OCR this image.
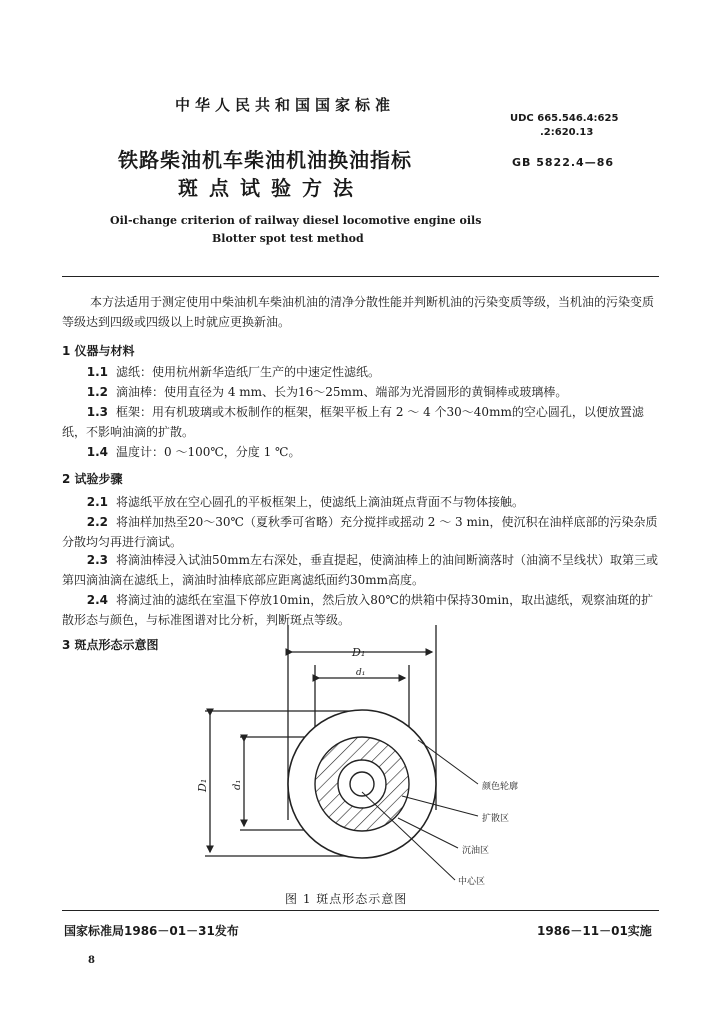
中华人民共和国国家标准
UDC 665.546.4:625
.2:620.13
GB 5822.4—86
铁路柴油机车柴油机油换油指标
斑点试验方法
Oil-change criterion of railway diesel locomotive engine oils
Blotter spot test method
本方法适用于测定使用中柴油机车柴油机油的清净分散性能并判断机油的污染变质等级，当机油的污染变质等级达到四级或四级以上时就应更换新油。
1 仪器与材料
1.1 滤纸：使用杭州新华造纸厂生产的中速定性滤纸。
1.2 滴油棒：使用直径为 4 mm、长为16～25mm、端部为光滑圆形的黄铜棒或玻璃棒。
1.3 框架：用有机玻璃或木板制作的框架，框架平板上有 2 ～ 4 个30～40mm的空心圆孔，以便放置滤纸，不影响油滴的扩散。
1.4 温度计：0 ～100℃，分度 1 ℃。
2 试验步骤
2.1 将滤纸平放在空心圆孔的平板框架上，使滤纸上滴油斑点背面不与物体接触。
2.2 将油样加热至20～30℃（夏秋季可省略）充分搅拌或摇动 2 ～ 3 min，使沉积在油样底部的污染杂质分散均匀再进行滴试。
2.3 将滴油棒浸入试油50mm左右深处，垂直提起，使滴油棒上的油间断滴落时（油滴不呈线状）取第三或第四滴油滴在滤纸上，滴油时油棒底部应距离滤纸面约30mm高度。
2.4 将滴过油的滤纸在室温下停放10min，然后放入80℃的烘箱中保持30min，取出滤纸，观察油斑的扩散形态与颜色，与标准图谱对比分析，判断斑点等级。
3 斑点形态示意图
D₁
d₁
D₁ d₁	颜色轮廓
扩散区
沉油区
中心区
图 1 斑点形态示意图
国家标准局1986－01－31发布	1986－11－01实施
8
